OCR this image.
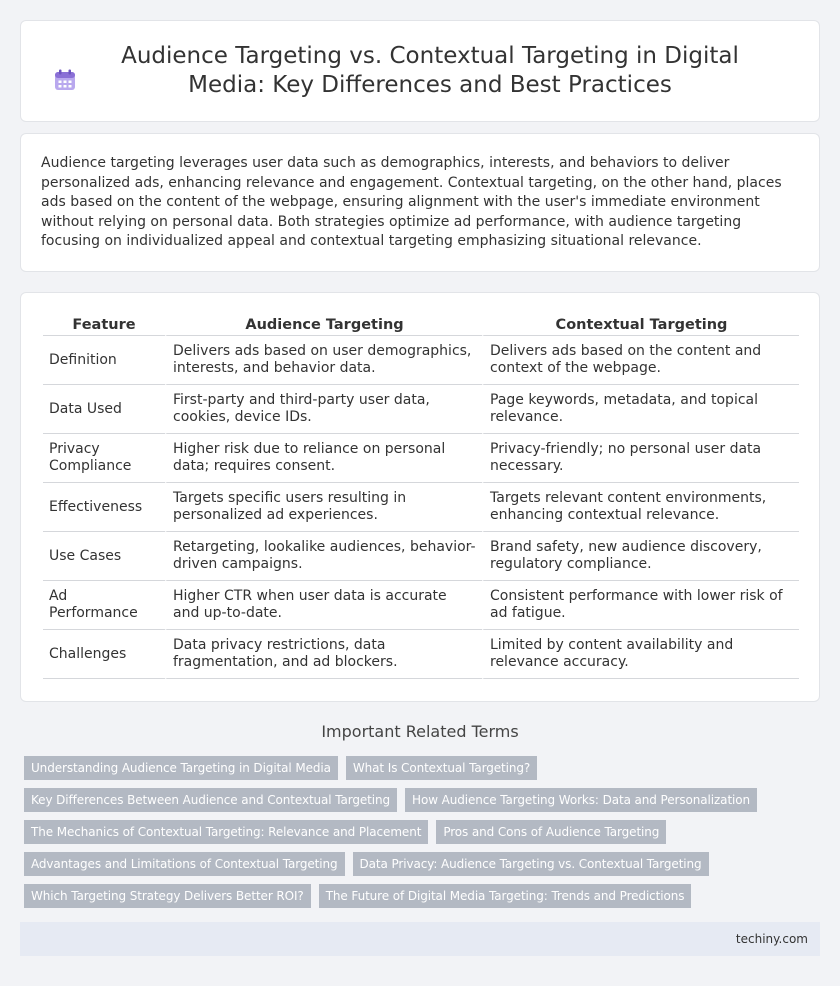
Audience Targeting vs. Contextual Targeting in Digital Media: Key Differences and Best Practices

Audience targeting leverages user data such as demographics, interests, and behaviors to deliver personalized ads, enhancing relevance and engagement. Contextual targeting, on the other hand, places ads based on the content of the webpage, ensuring alignment with the user's immediate environment without relying on personal data. Both strategies optimize ad performance, with audience targeting focusing on individualized appeal and contextual targeting emphasizing situational relevance.

Feature	Audience Targeting	Contextual Targeting
Definition	Delivers ads based on user demographics, interests, and behavior data.	Delivers ads based on the content and context of the webpage.
Data Used	First-party and third-party user data, cookies, device IDs.	Page keywords, metadata, and topical relevance.
Privacy Compliance	Higher risk due to reliance on personal data; requires consent.	Privacy-friendly; no personal user data necessary.
Effectiveness	Targets specific users resulting in personalized ad experiences.	Targets relevant content environments, enhancing contextual relevance.
Use Cases	Retargeting, lookalike audiences, behavior-driven campaigns.	Brand safety, new audience discovery, regulatory compliance.
Ad Performance	Higher CTR when user data is accurate and up-to-date.	Consistent performance with lower risk of ad fatigue.
Challenges	Data privacy restrictions, data fragmentation, and ad blockers.	Limited by content availability and relevance accuracy.
Important Related Terms
Understanding Audience Targeting in Digital Media	What Is Contextual Targeting?
Key Differences Between Audience and Contextual Targeting	How Audience Targeting Works: Data and Personalization
The Mechanics of Contextual Targeting: Relevance and Placement	Pros and Cons of Audience Targeting
Advantages and Limitations of Contextual Targeting	Data Privacy: Audience Targeting vs. Contextual Targeting
Which Targeting Strategy Delivers Better ROI?	The Future of Digital Media Targeting: Trends and Predictions
techiny.com
